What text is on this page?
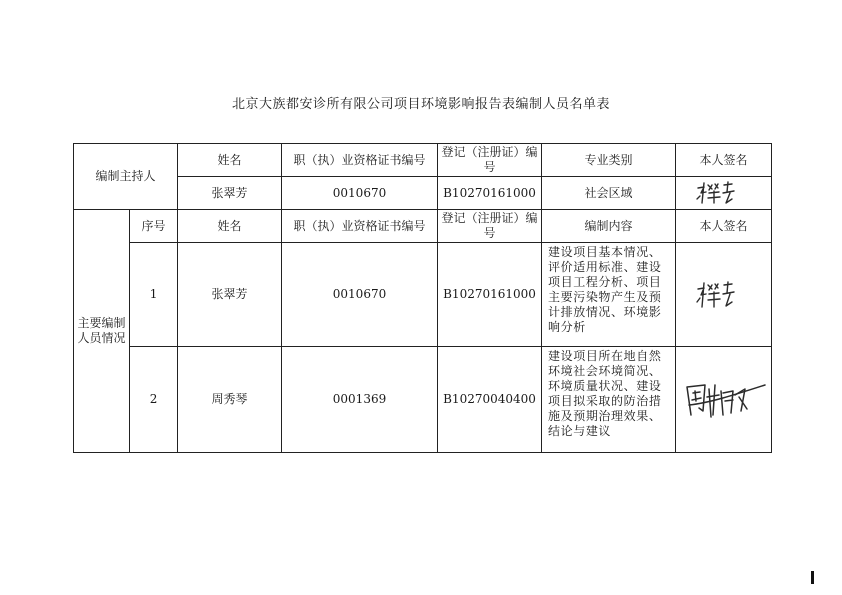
北京大族都安诊所有限公司项目环境影响报告表编制人员名单表
编制主持人		姓名	职（执）业资格证书编号	登记（注册证）编号	专业类别	本人签名
		张翠芳	0010670	B10270161000	社会区域	

主要编制人员情况	序号	姓名	职（执）业资格证书编号	登记（注册证）编号	编制内容	本人签名
	1	张翠芳	0010670	B10270161000	建设项目基本情况、评价适用标准、建设项目工程分析、项目主要污染物产生及预计排放情况、环境影响分析	

	2	周秀琴	0001369	B10270040400	建设项目所在地自然环境社会环境简况、环境质量状况、建设项目拟采取的防治措施及预期治理效果、结论与建议	
